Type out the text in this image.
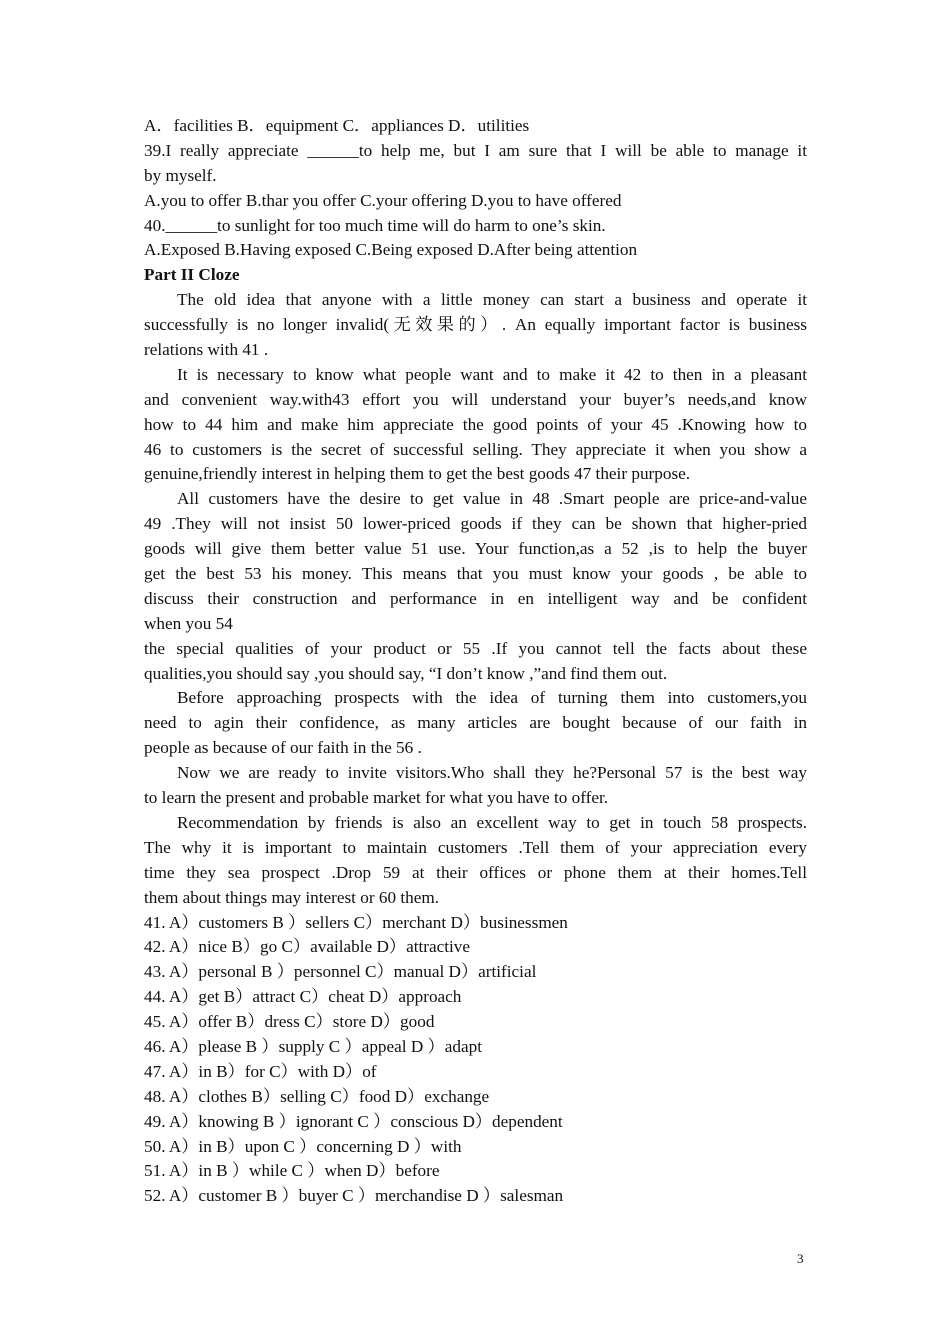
A．facilities B．equipment C．appliances D．utilities
39.I really appreciate ______to help me, but I am sure that I will be able to manage it
by myself.
A.you to offer B.thar you offer C.your offering D.you to have offered
40.______to sunlight for too much time will do harm to one’s skin.
A.Exposed B.Having exposed C.Being exposed D.After being attention
Part II Cloze
The old idea that anyone with a little money can start a business and operate it
successfully is no longer invalid(无效果的）. An equally important factor is business
relations with 41 .
It is necessary to know what people want and to make it 42 to then in a pleasant
and convenient way.with43 effort you will understand your buyer’s needs,and know
how to 44 him and make him appreciate the good points of your 45 .Knowing how to
46 to customers is the secret of successful selling. They appreciate it when you show a
genuine,friendly interest in helping them to get the best goods 47 their purpose.
All customers have the desire to get value in 48 .Smart people are price-and-value
49 .They will not insist 50 lower-priced goods if they can be shown that higher-pried
goods will give them better value 51 use. Your function,as a 52 ,is to help the buyer
get the best 53 his money. This means that you must know your goods , be able to
discuss their construction and performance in en intelligent way and be confident
when you 54
the special qualities of your product or 55 .If you cannot tell the facts about these
qualities,you should say ,you should say, “I don’t know ,”and find them out.
Before approaching prospects with the idea of turning them into customers,you
need to agin their confidence, as many articles are bought because of our faith in
people as because of our faith in the 56 .
Now we are ready to invite visitors.Who shall they he?Personal 57 is the best way
to learn the present and probable market for what you have to offer.
Recommendation by friends is also an excellent way to get in touch 58 prospects.
The why it is important to maintain customers .Tell them of your appreciation every
time they sea prospect .Drop 59 at their offices or phone them at their homes.Tell
them about things may interest or 60 them.
41. A）customers B ）sellers C）merchant D）businessmen
42. A）nice B）go C）available D）attractive
43. A）personal B ）personnel C）manual D）artificial
44. A）get B）attract C）cheat D）approach
45. A）offer B）dress C）store D）good
46. A）please B ）supply C ）appeal D ）adapt
47. A）in B）for C）with D）of
48. A）clothes B）selling C）food D）exchange
49. A）knowing B ）ignorant C ）conscious D）dependent
50. A）in B）upon C ）concerning D ）with
51. A）in B ）while C ）when D）before
52. A）customer B ）buyer C ）merchandise D ）salesman
3
